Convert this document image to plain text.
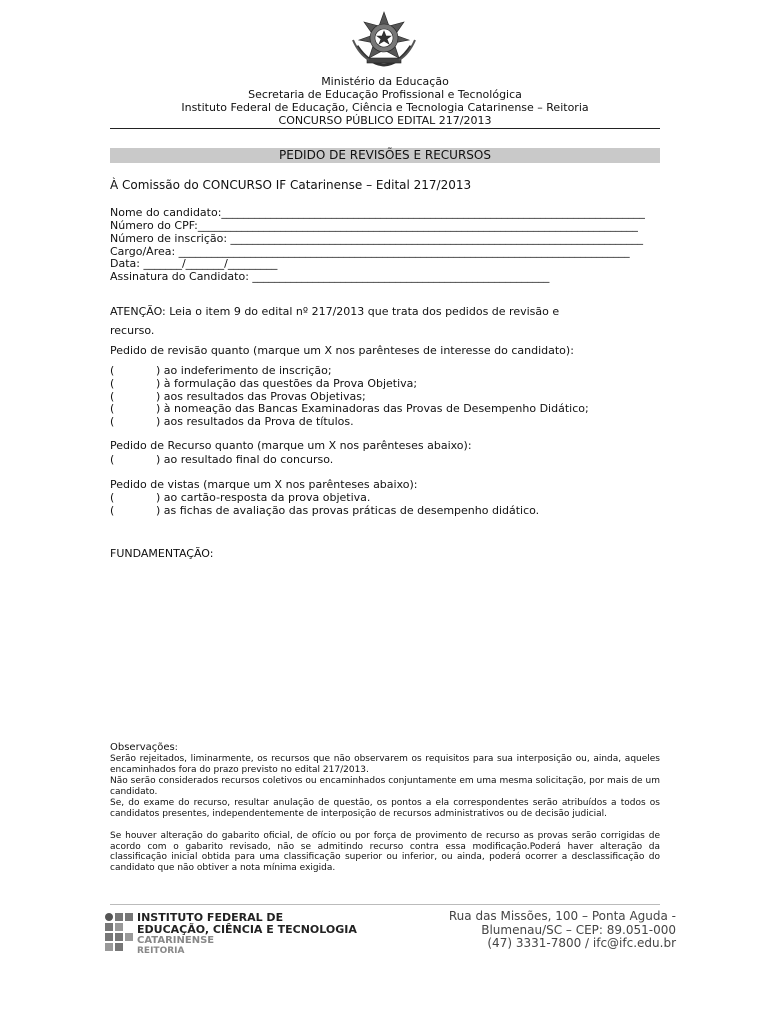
Ministério da Educação
Secretaria de Educação Profissional e Tecnológica
Instituto Federal de Educação, Ciência e Tecnologia Catarinense – Reitoria
CONCURSO PÚBLICO EDITAL 217/2013
PEDIDO DE REVISÕES E RECURSOS
À Comissão do CONCURSO IF Catarinense – Edital 217/2013
Nome do candidato:_____________________________________________________________________________
Número do CPF:________________________________________________________________________________
Número de inscrição: ___________________________________________________________________________
Cargo/Área: __________________________________________________________________________________
Data: _______/_______/_________
Assinatura do Candidato: ______________________________________________________
ATENÇÃO: Leia o item 9 do edital nº 217/2013 que trata dos pedidos de revisão e
recurso.
Pedido de revisão quanto (marque um X nos parênteses de interesse do candidato):
(	) ao indeferimento de inscrição;
(	) à formulação das questões da Prova Objetiva;
(	) aos resultados das Provas Objetivas;
(	) à nomeação das Bancas Examinadoras das Provas de Desempenho Didático;
(	) aos resultados da Prova de títulos.
Pedido de Recurso quanto (marque um X nos parênteses abaixo):
(	) ao resultado final do concurso.
Pedido de vistas (marque um X nos parênteses abaixo):
(	) ao cartão-resposta da prova objetiva.
(	) as fichas de avaliação das provas práticas de desempenho didático.
FUNDAMENTAÇÃO:
Observações:
Serão rejeitados, liminarmente, os recursos que não observarem os requisitos para sua interposição ou, ainda, aqueles encaminhados fora do prazo previsto no edital 217/2013.
Não serão considerados recursos coletivos ou encaminhados conjuntamente em uma mesma solicitação, por mais de um candidato.
Se, do exame do recurso, resultar anulação de questão, os pontos a ela correspondentes serão atribuídos a todos os candidatos presentes, independentemente de interposição de recursos administrativos ou de decisão judicial.
Se houver alteração do gabarito oficial, de ofício ou por força de provimento de recurso as provas serão corrigidas de acordo com o gabarito revisado, não se admitindo recurso contra essa modificação.Poderá haver alteração da classificação inicial obtida para uma classificação superior ou inferior, ou ainda, poderá ocorrer a desclassificação do candidato que não obtiver a nota mínima exigida.
INSTITUTO FEDERAL DE
EDUCAÇÃO, CIÊNCIA E TECNOLOGIA
CATARINENSE
REITORIA
Rua das Missões, 100 – Ponta Aguda -
Blumenau/SC – CEP: 89.051-000
(47) 3331-7800 / ifc@ifc.edu.br
